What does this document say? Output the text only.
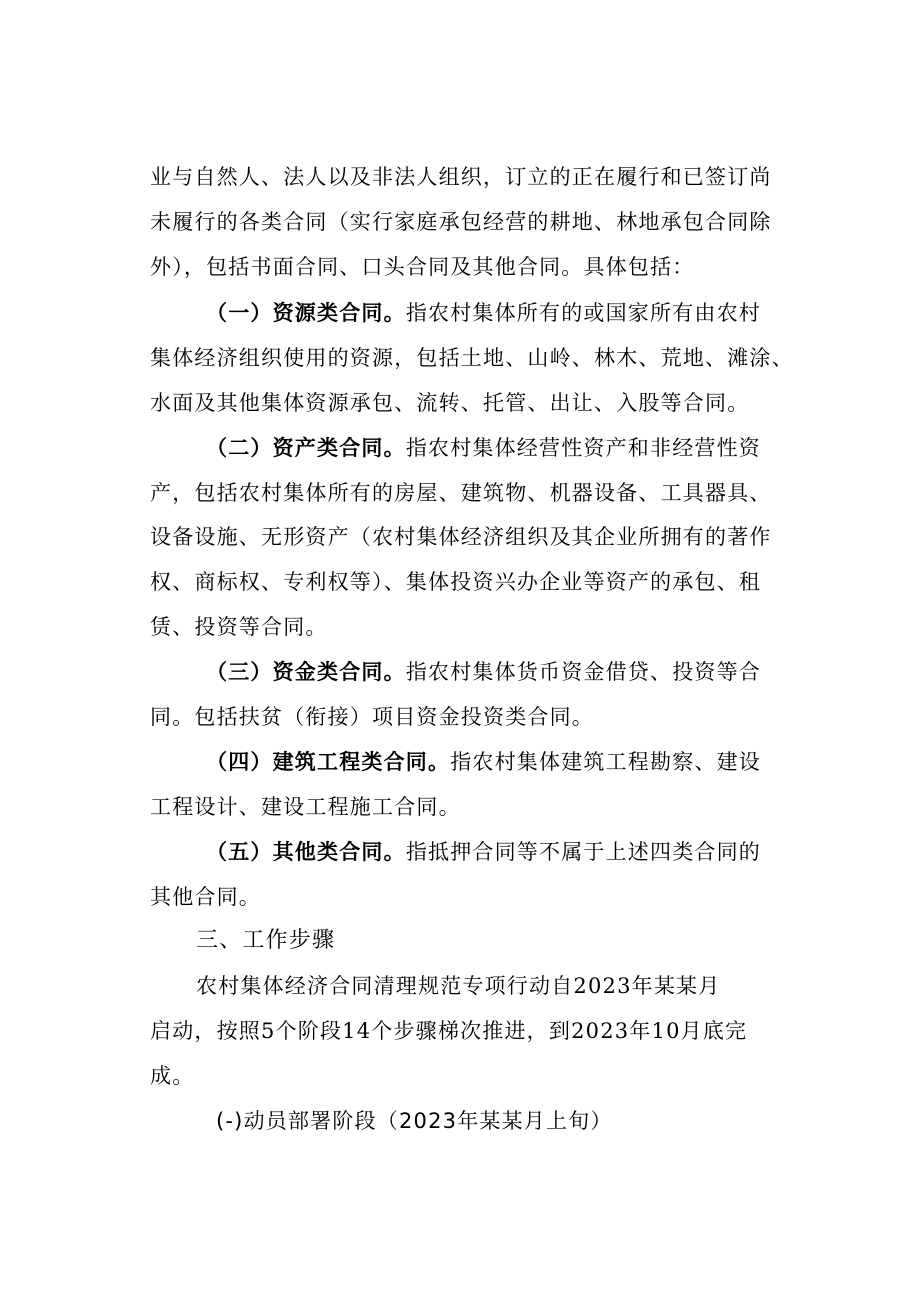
业与自然人、法人以及非法人组织，订立的正在履行和已签订尚

未履行的各类合同（实行家庭承包经营的耕地、林地承包合同除

外），包括书面合同、口头合同及其他合同。具体包括：

（一）资源类合同。指农村集体所有的或国家所有由农村

集体经济组织使用的资源，包括土地、山岭、林木、荒地、滩涂、

水面及其他集体资源承包、流转、托管、出让、入股等合同。

（二）资产类合同。指农村集体经营性资产和非经营性资

产，包括农村集体所有的房屋、建筑物、机器设备、工具器具、

设备设施、无形资产（农村集体经济组织及其企业所拥有的著作

权、商标权、专利权等）、集体投资兴办企业等资产的承包、租

赁、投资等合同。

（三）资金类合同。指农村集体货币资金借贷、投资等合

同。包括扶贫（衔接）项目资金投资类合同。

（四）建筑工程类合同。指农村集体建筑工程勘察、建设

工程设计、建设工程施工合同。

（五）其他类合同。指抵押合同等不属于上述四类合同的

其他合同。

三、工作步骤

农村集体经济合同清理规范专项行动自2023年某某月

启动，按照5个阶段14个步骤梯次推进，到2023年10月底完

成。

(-)动员部署阶段（2023年某某月上旬）
